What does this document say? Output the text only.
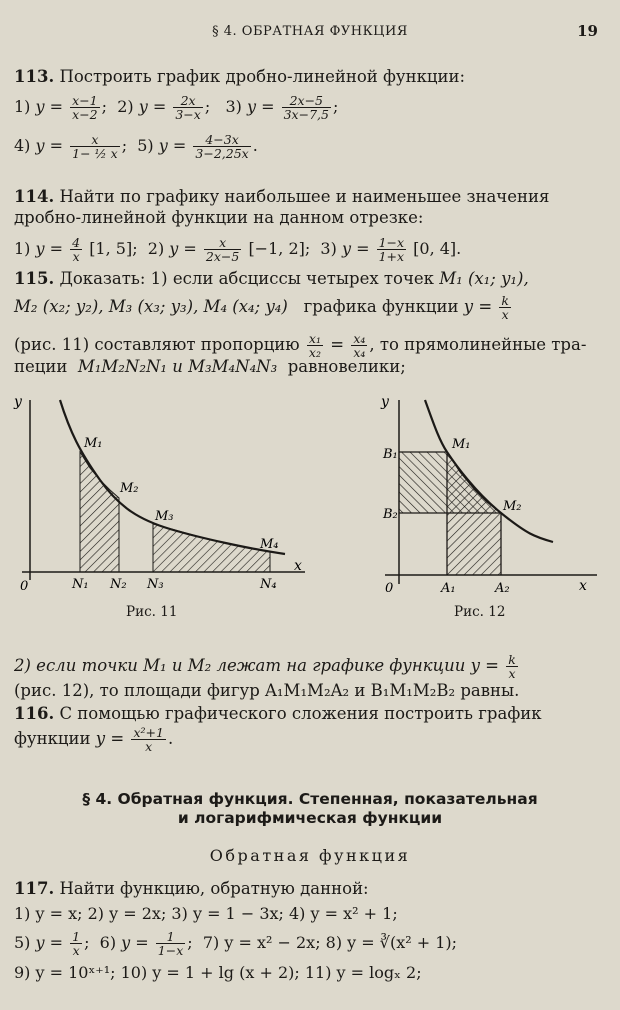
§ 4. ОБРАТНАЯ ФУНКЦИЯ	19
113. Построить график дробно-линейной функции:
1) $y = \frac{x-1}{x-2}$ ;  2) $y = \frac{2x}{3-x}$ ;   3) $y = \frac{2x-5}{3x-7,5}$ ;
4) $y = \frac{x}{\text{1− ½ x}}$ ;  5) $y = \frac{4-3x}{3-2,25x}$ .
114. Найти по графику наибольшее и наименьшее значения
дробно-линейной функции на данном отрезке:
1) $y = \frac{4}{x} [1$, 5];  2) $y = \frac{x}{2x-5} [-1$, 2];  3) $y = \frac{1-x}{1+x} [0$, 4].
115. Доказать: 1) если абсциссы четырех точек M₁ (x₁; y₁),
M₂ (x₂; y₂), M₃ (x₃; y₃), M₄ (x₄; y₄) графика функции $y = \frac{k}{x}$
(рис. 11) составляют пропорцию $\frac{\text{x₁}}{\text{x₂}} = \frac{\text{x₄}}{\text{x₄}}$ , то прямолинейные тра-
пеции M₁M₂N₂N₁ и M₃M₄N₄N₃ равновелики;
y
x
0
M₁
M₂
M₃
M₄
N₁ N₂ N₃	N₄
Рис. 11
y
x
0
B₁
B₂
M₁
M₂
A₁	A₂
Рис. 12
2) если точки M₁ и M₂ лежат на графике функции $y = \frac{k}{x}$
(рис. 12), то площади фигур A₁M₁M₂A₂ и B₁M₁M₂B₂ равны.
116. С помощью графического сложения построить график
функции $y = \frac{\text{x²+1}}{x}$ .
§ 4. Обратная функция. Степенная, показательная
и логарифмическая функции
Обратная функция
117. Найти функцию, обратную данной:
1) y = x; 2) y = 2x; 3) y = 1 − 3x; 4) y = x² + 1;
5) $y = \frac{1}{x}$ ;  6) $y = \frac{1}{1-x}$ ;  7) y = x² − 2x; 8) y = ∛(x² + 1);
9) y = 10ˣ⁺¹; 10) y = 1 + lg (x + 2); 11) y = logₓ 2;
